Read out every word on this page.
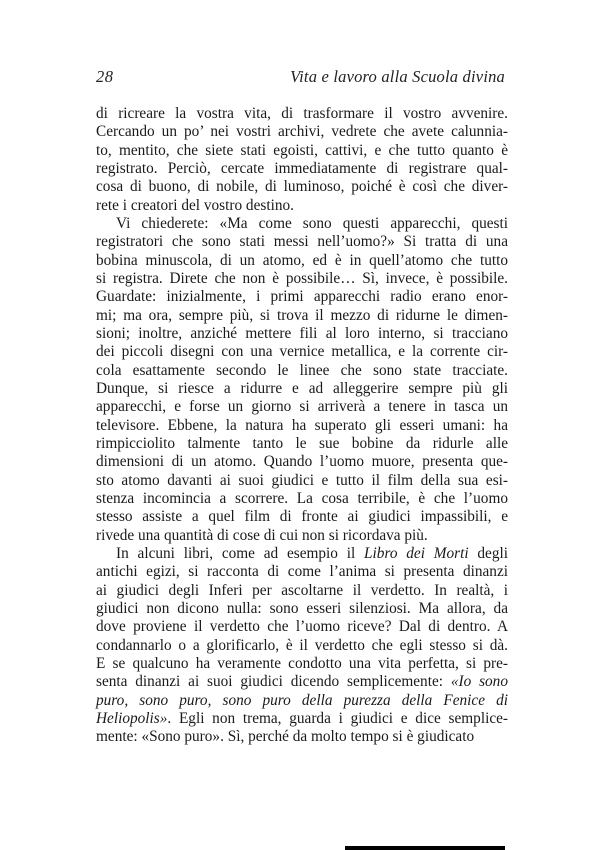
28	Vita e lavoro alla Scuola divina
di ricreare la vostra vita, di trasformare il vostro avvenire.
Cercando un po’ nei vostri archivi, vedrete che avete calunnia-
to, mentito, che siete stati egoisti, cattivi, e che tutto quanto è
registrato. Perciò, cercate immediatamente di registrare qual-
cosa di buono, di nobile, di luminoso, poiché è così che diver-
rete i creatori del vostro destino.
Vi chiederete: «Ma come sono questi apparecchi, questi
registratori che sono stati messi nell’uomo?» Si tratta di una
bobina minuscola, di un atomo, ed è in quell’atomo che tutto
si registra. Direte che non è possibile… Sì, invece, è possibile.
Guardate: inizialmente, i primi apparecchi radio erano enor-
mi; ma ora, sempre più, si trova il mezzo di ridurne le dimen-
sioni; inoltre, anziché mettere fili al loro interno, si tracciano
dei piccoli disegni con una vernice metallica, e la corrente cir-
cola esattamente secondo le linee che sono state tracciate.
Dunque, si riesce a ridurre e ad alleggerire sempre più gli
apparecchi, e forse un giorno si arriverà a tenere in tasca un
televisore. Ebbene, la natura ha superato gli esseri umani: ha
rimpicciolito talmente tanto le sue bobine da ridurle alle
dimensioni di un atomo. Quando l’uomo muore, presenta que-
sto atomo davanti ai suoi giudici e tutto il film della sua esi-
stenza incomincia a scorrere. La cosa terribile, è che l’uomo
stesso assiste a quel film di fronte ai giudici impassibili, e
rivede una quantità di cose di cui non si ricordava più.
In alcuni libri, come ad esempio il Libro dei Morti degli
antichi egizi, si racconta di come l’anima si presenta dinanzi
ai giudici degli Inferi per ascoltarne il verdetto. In realtà, i
giudici non dicono nulla: sono esseri silenziosi. Ma allora, da
dove proviene il verdetto che l’uomo riceve? Dal di dentro. A
condannarlo o a glorificarlo, è il verdetto che egli stesso si dà.
E se qualcuno ha veramente condotto una vita perfetta, si pre-
senta dinanzi ai suoi giudici dicendo semplicemente: «Io sono
puro, sono puro, sono puro della purezza della Fenice di
Heliopolis». Egli non trema, guarda i giudici e dice semplice-
mente: «Sono puro». Sì, perché da molto tempo si è giudicato
